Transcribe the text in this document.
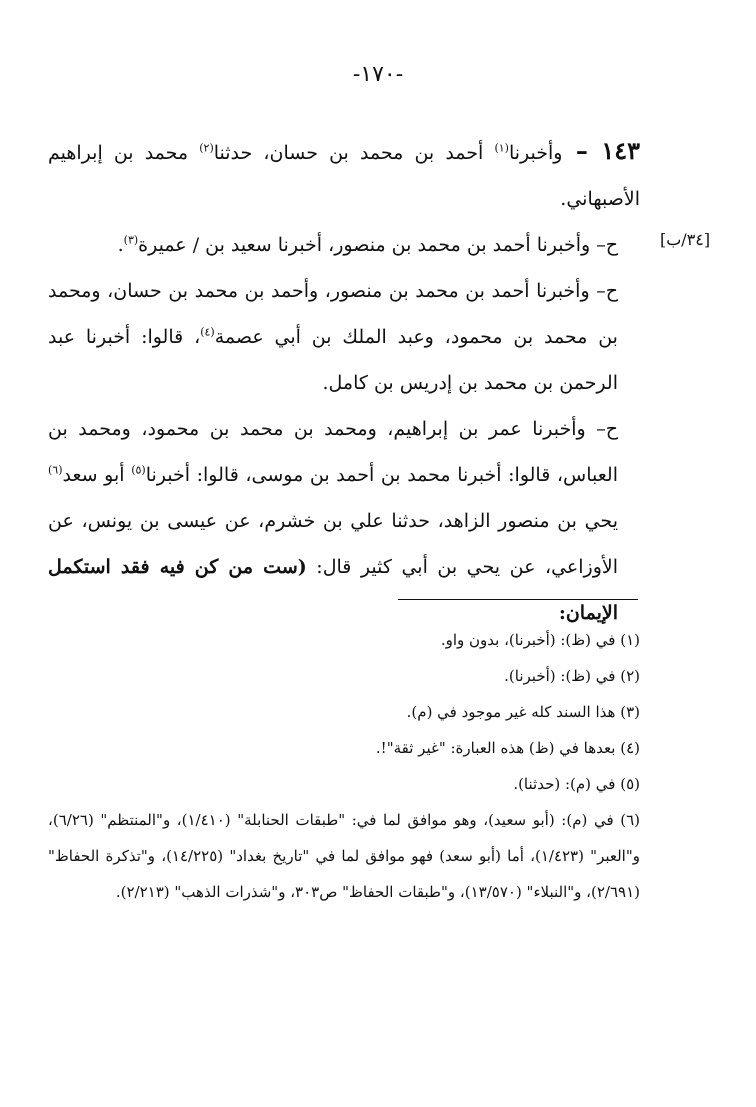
-١٧٠-
[٣٤/ب]

١٤٣ – وأخبرنا$^{(١)}$ أحمد بن محمد بن حسان، حدثنا$^{(٢)}$ محمد بن إبراهيم الأصبهاني.

ح– وأخبرنا أحمد بن محمد بن منصور، أخبرنا سعيد بن / عميرة$^{(٣)}$.

ح– وأخبرنا أحمد بن محمد بن منصور، وأحمد بن محمد بن حسان، ومحمد بن محمد بن محمود، وعبد الملك بن أبي عصمة$^{(٤)}$، قالوا: أخبرنا عبد الرحمن بن محمد بن إدريس بن كامل.

ح– وأخبرنا عمر بن إبراهيم، ومحمد بن محمد بن محمود، ومحمد بن العباس، قالوا: أخبرنا محمد بن أحمد بن موسى، قالوا: أخبرنا$^{(٥)}$ أبو سعد$^{(٦)}$ يحي بن منصور الزاهد، حدثنا علي بن خشرم، عن عيسى بن يونس، عن الأوزاعي، عن يحي بن أبي كثير قال: (ست من كن فيه فقد استكمل الإيمان:

(١) في (ظ): (أخبرنا)، بدون واو.

(٢) في (ظ): (أخبرنا).

(٣) هذا السند كله غير موجود في (م).

(٤) بعدها في (ظ) هذه العبارة: "غير ثقة"!.

(٥) في (م): (حدثنا).

(٦) في (م): (أبو سعيد)، وهو موافق لما في: "طبقات الحنابلة" (١/٤١٠)، و"المنتظم" (٦/٢٦)، و"العبر" (١/٤٢٣)، أما (أبو سعد) فهو موافق لما في "تاريخ بغداد" (١٤/٢٢٥)، و"تذكرة الحفاظ" (٢/٦٩١)، و"النبلاء" (١٣/٥٧٠)، و"طبقات الحفاظ" ص٣٠٣، و"شذرات الذهب" (٢/٢١٣).
